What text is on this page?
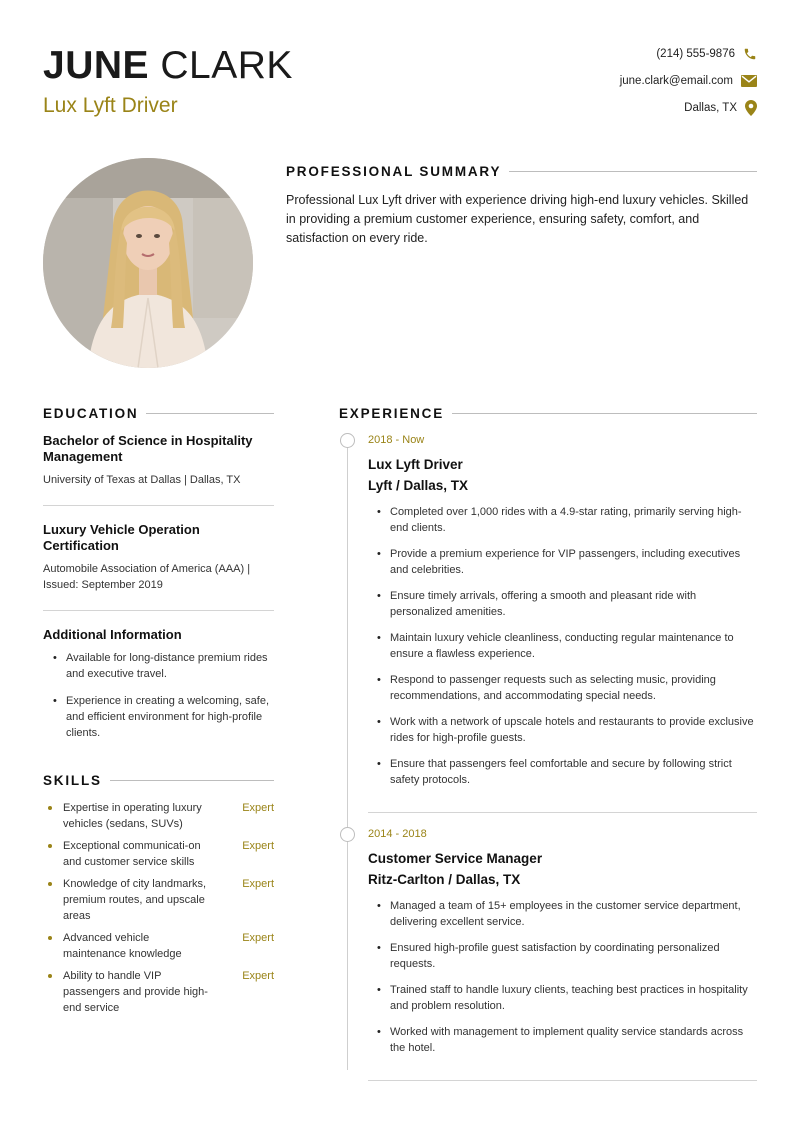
JUNE CLARK
Lux Lyft Driver
(214) 555-9876
june.clark@email.com
Dallas, TX
PROFESSIONAL SUMMARY

Professional Lux Lyft driver with experience driving high-end luxury vehicles. Skilled in providing a premium customer experience, ensuring safety, comfort, and satisfaction on every ride.

EDUCATION
Bachelor of Science in Hospitality Management
University of Texas at Dallas | Dallas, TX
Luxury Vehicle Operation Certification
Automobile Association of America (AAA) | Issued: September 2019
Additional Information
• Available for long-distance premium rides and executive travel.
• Experience in creating a welcoming, safe, and efficient environment for high-profile clients.
SKILLS
Expertise in operating luxury vehicles (sedans, SUVs)
Expert
Exceptional communicati-on and customer service skills
Expert
Knowledge of city landmarks, premium routes, and upscale areas
Expert
Advanced vehicle maintenance knowledge
Expert
Ability to handle VIP passengers and provide high-end service
Expert
EXPERIENCE
2018 - Now
Lux Lyft Driver
Lyft / Dallas, TX
• Completed over 1,000 rides with a 4.9-star rating, primarily serving high-end clients.
• Provide a premium experience for VIP passengers, including executives and celebrities.
• Ensure timely arrivals, offering a smooth and pleasant ride with personalized amenities.
• Maintain luxury vehicle cleanliness, conducting regular maintenance to ensure a flawless experience.
• Respond to passenger requests such as selecting music, providing recommendations, and accommodating special needs.
• Work with a network of upscale hotels and restaurants to provide exclusive rides for high-profile guests.
• Ensure that passengers feel comfortable and secure by following strict safety protocols.
2014 - 2018
Customer Service Manager
Ritz-Carlton / Dallas, TX
• Managed a team of 15+ employees in the customer service department, delivering excellent service.
• Ensured high-profile guest satisfaction by coordinating personalized requests.
• Trained staff to handle luxury clients, teaching best practices in hospitality and problem resolution.
• Worked with management to implement quality service standards across the hotel.
